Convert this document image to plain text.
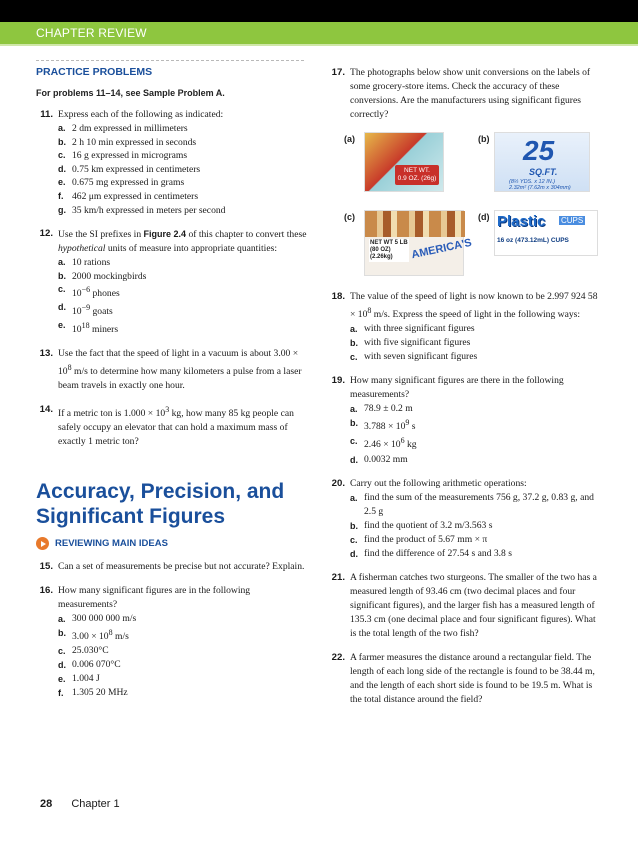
CHAPTER REVIEW
PRACTICE PROBLEMS
For problems 11–14, see Sample Problem A.
11. Express each of the following as indicated:
a. 2 dm expressed in millimeters
b. 2 h 10 min expressed in seconds
c. 16 g expressed in micrograms
d. 0.75 km expressed in centimeters
e. 0.675 mg expressed in grams
f. 462 μm expressed in centimeters
g. 35 km/h expressed in meters per second
12. Use the SI prefixes in Figure 2.4 of this chapter to convert these hypothetical units of measure into appropriate quantities:
a. 10 rations
b. 2000 mockingbirds
c. $10^{-6}$ phones
d. $10^{-9}$ goats
e. $10^{18}$ miners
13. Use the fact that the speed of light in a vacuum is about $3.00 \times 10^8$ m/s to determine how many kilometers a pulse from a laser beam travels in exactly one hour.
14. If a metric ton is $1.000 \times 10^3$ kg, how many 85 kg people can safely occupy an elevator that can hold a maximum mass of exactly 1 metric ton?
Accuracy, Precision, and
Significant Figures
REVIEWING MAIN IDEAS
15. Can a set of measurements be precise but not accurate? Explain.
16. How many significant figures are in the following measurements?
a. 300 000 000 m/s
b. $3.00 \times 10^8$ m/s
c. 25.030°C
d. 0.006 070°C
e. 1.004 J
f. 1.305 20 MHz
17. The photographs below show unit conversions on the labels of some grocery-store items. Check the accuracy of these conversions. Are the manufacturers using significant figures correctly?
(a)
NET WT.
0.9 OZ. (26g)
(b) 25
SQ.FT.
(8⅓ YDS. x 12 IN.)
2.32m² (7.62m x 304mm)
(c)
NET WT 5 LB
(80 OZ)
(2.26kg)	AMERICA'S
(d) Plastic CUPS
16 oz (473.12mL) CUPS
18. The value of the speed of light is now known to be 2.997 924 $58 \times 10^8$ m/s. Express the speed of light in the following ways:
a. with three significant figures
b. with five significant figures
c. with seven significant figures
19. How many significant figures are there in the following measurements?
a. 78.9 ± 0.2 m
b. $3.788 \times 10^9$ s
c. $2.46 \times 10^6$ kg
d. 0.0032 mm
20. Carry out the following arithmetic operations:
a. find the sum of the measurements 756 g, 37.2 g, 0.83 g, and 2.5 g
b. find the quotient of 3.2 m/3.563 s
c. find the product of 5.67 mm × π
d. find the difference of 27.54 s and 3.8 s
21. A fisherman catches two sturgeons. The smaller of the two has a measured length of 93.46 cm (two decimal places and four significant figures), and the larger fish has a measured length of 135.3 cm (one decimal place and four significant figures). What is the total length of the two fish?
22. A farmer measures the distance around a rectangular field. The length of each long side of the rectangle is found to be 38.44 m, and the length of each short side is found to be 19.5 m. What is the total distance around the field?
28 Chapter 1
